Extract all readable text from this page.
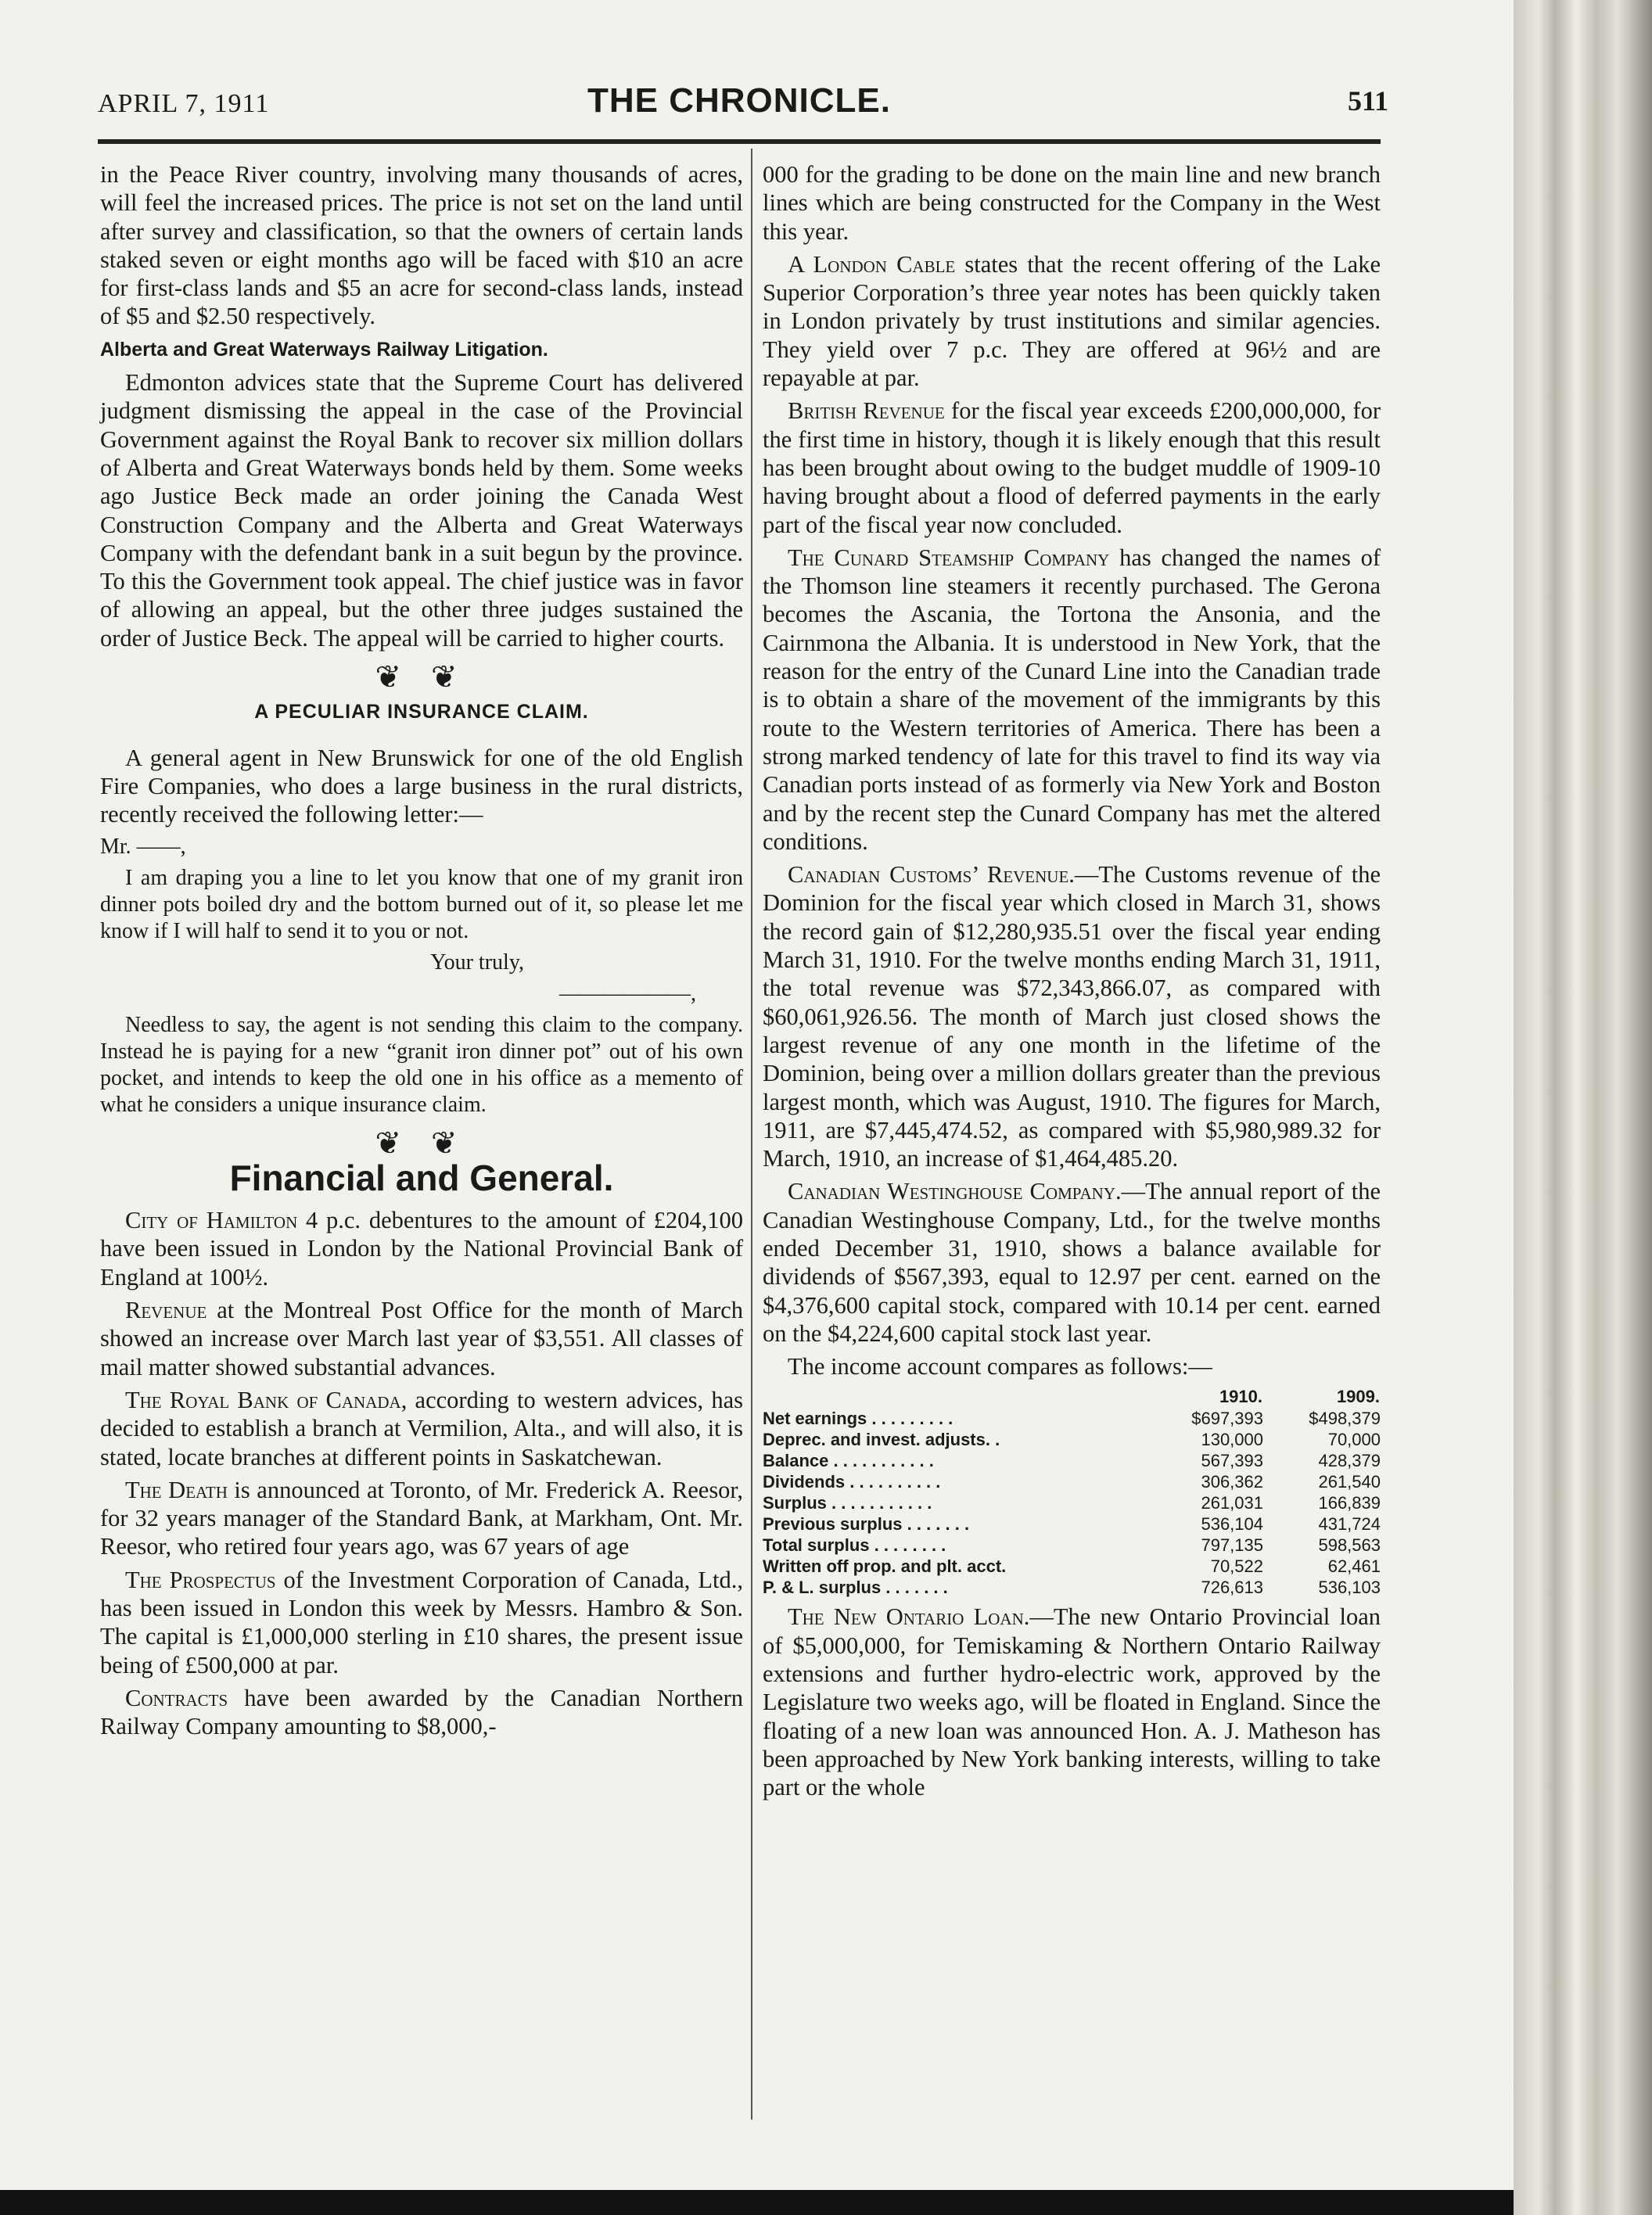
APRIL 7, 1911	THE CHRONICLE.	511

in the Peace River country, involving many thousands of acres, will feel the increased prices. The price is not set on the land until after survey and classification, so that the owners of certain lands staked seven or eight months ago will be faced with $10 an acre for first-class lands and $5 an acre for second-class lands, instead of $5 and $2.50 respectively.

Alberta and Great Waterways Railway Litigation.

Edmonton advices state that the Supreme Court has delivered judgment dismissing the appeal in the case of the Provincial Government against the Royal Bank to recover six million dollars of Alberta and Great Waterways bonds held by them. Some weeks ago Justice Beck made an order joining the Canada West Construction Company and the Alberta and Great Waterways Company with the defendant bank in a suit begun by the province. To this the Government took appeal. The chief justice was in favor of allowing an appeal, but the other three judges sustained the order of Justice Beck. The appeal will be carried to higher courts.

❦ ❦
A PECULIAR INSURANCE CLAIM.

A general agent in New Brunswick for one of the old English Fire Companies, who does a large business in the rural districts, recently received the following letter:—

Mr. ——,

I am draping you a line to let you know that one of my granit iron dinner pots boiled dry and the bottom burned out of it, so please let me know if I will half to send it to you or not.

Your truly,

——————,

Needless to say, the agent is not sending this claim to the company. Instead he is paying for a new “granit iron dinner pot” out of his own pocket, and intends to keep the old one in his office as a memento of what he considers a unique insurance claim.

❦ ❦
Financial and General.

City of Hamilton 4 p.c. debentures to the amount of £204,100 have been issued in London by the National Provincial Bank of England at 100½.

Revenue at the Montreal Post Office for the month of March showed an increase over March last year of $3,551. All classes of mail matter showed substantial advances.

The Royal Bank of Canada, according to western advices, has decided to establish a branch at Vermilion, Alta., and will also, it is stated, locate branches at different points in Saskatchewan.

The Death is announced at Toronto, of Mr. Frederick A. Reesor, for 32 years manager of the Standard Bank, at Markham, Ont. Mr. Reesor, who retired four years ago, was 67 years of age

The Prospectus of the Investment Corporation of Canada, Ltd., has been issued in London this week by Messrs. Hambro & Son. The capital is £1,000,000 sterling in £10 shares, the present issue being of £500,000 at par.

Contracts have been awarded by the Canadian Northern Railway Company amounting to $8,000,-

000 for the grading to be done on the main line and new branch lines which are being constructed for the Company in the West this year.

A London Cable states that the recent offering of the Lake Superior Corporation’s three year notes has been quickly taken in London privately by trust institutions and similar agencies. They yield over 7 p.c. They are offered at 96½ and are repayable at par.

British Revenue for the fiscal year exceeds £200,000,000, for the first time in history, though it is likely enough that this result has been brought about owing to the budget muddle of 1909-10 having brought about a flood of deferred payments in the early part of the fiscal year now concluded.

The Cunard Steamship Company has changed the names of the Thomson line steamers it recently purchased. The Gerona becomes the Ascania, the Tortona the Ansonia, and the Cairnmona the Albania. It is understood in New York, that the reason for the entry of the Cunard Line into the Canadian trade is to obtain a share of the movement of the immigrants by this route to the Western territories of America. There has been a strong marked tendency of late for this travel to find its way via Canadian ports instead of as formerly via New York and Boston and by the recent step the Cunard Company has met the altered conditions.

Canadian Customs’ Revenue.—The Customs revenue of the Dominion for the fiscal year which closed in March 31, shows the record gain of $12,280,935.51 over the fiscal year ending March 31, 1910. For the twelve months ending March 31, 1911, the total revenue was $72,343,866.07, as compared with $60,061,926.56. The month of March just closed shows the largest revenue of any one month in the lifetime of the Dominion, being over a million dollars greater than the previous largest month, which was August, 1910. The figures for March, 1911, are $7,445,474.52, as compared with $5,980,989.32 for March, 1910, an increase of $1,464,485.20.

Canadian Westinghouse Company.—The annual report of the Canadian Westinghouse Company, Ltd., for the twelve months ended December 31, 1910, shows a balance available for dividends of $567,393, equal to 12.97 per cent. earned on the $4,376,600 capital stock, compared with 10.14 per cent. earned on the $4,224,600 capital stock last year.

The income account compares as follows:—

	1910.	1909.
Net earnings . . . . . . . . .	$697,393	$498,379
Deprec. and invest. adjusts. .	130,000	70,000
Balance . . . . . . . . . . .	567,393	428,379
Dividends . . . . . . . . . .	306,362	261,540
Surplus . . . . . . . . . . .	261,031	166,839
Previous surplus . . . . . . .	536,104	431,724
Total surplus . . . . . . . .	797,135	598,563
Written off prop. and plt. acct.	70,522	62,461
P. & L. surplus . . . . . . .	726,613	536,103

The New Ontario Loan.—The new Ontario Provincial loan of $5,000,000, for Temiskaming & Northern Ontario Railway extensions and further hydro-electric work, approved by the Legislature two weeks ago, will be floated in England. Since the floating of a new loan was announced Hon. A. J. Matheson has been approached by New York banking interests, willing to take part or the whole
